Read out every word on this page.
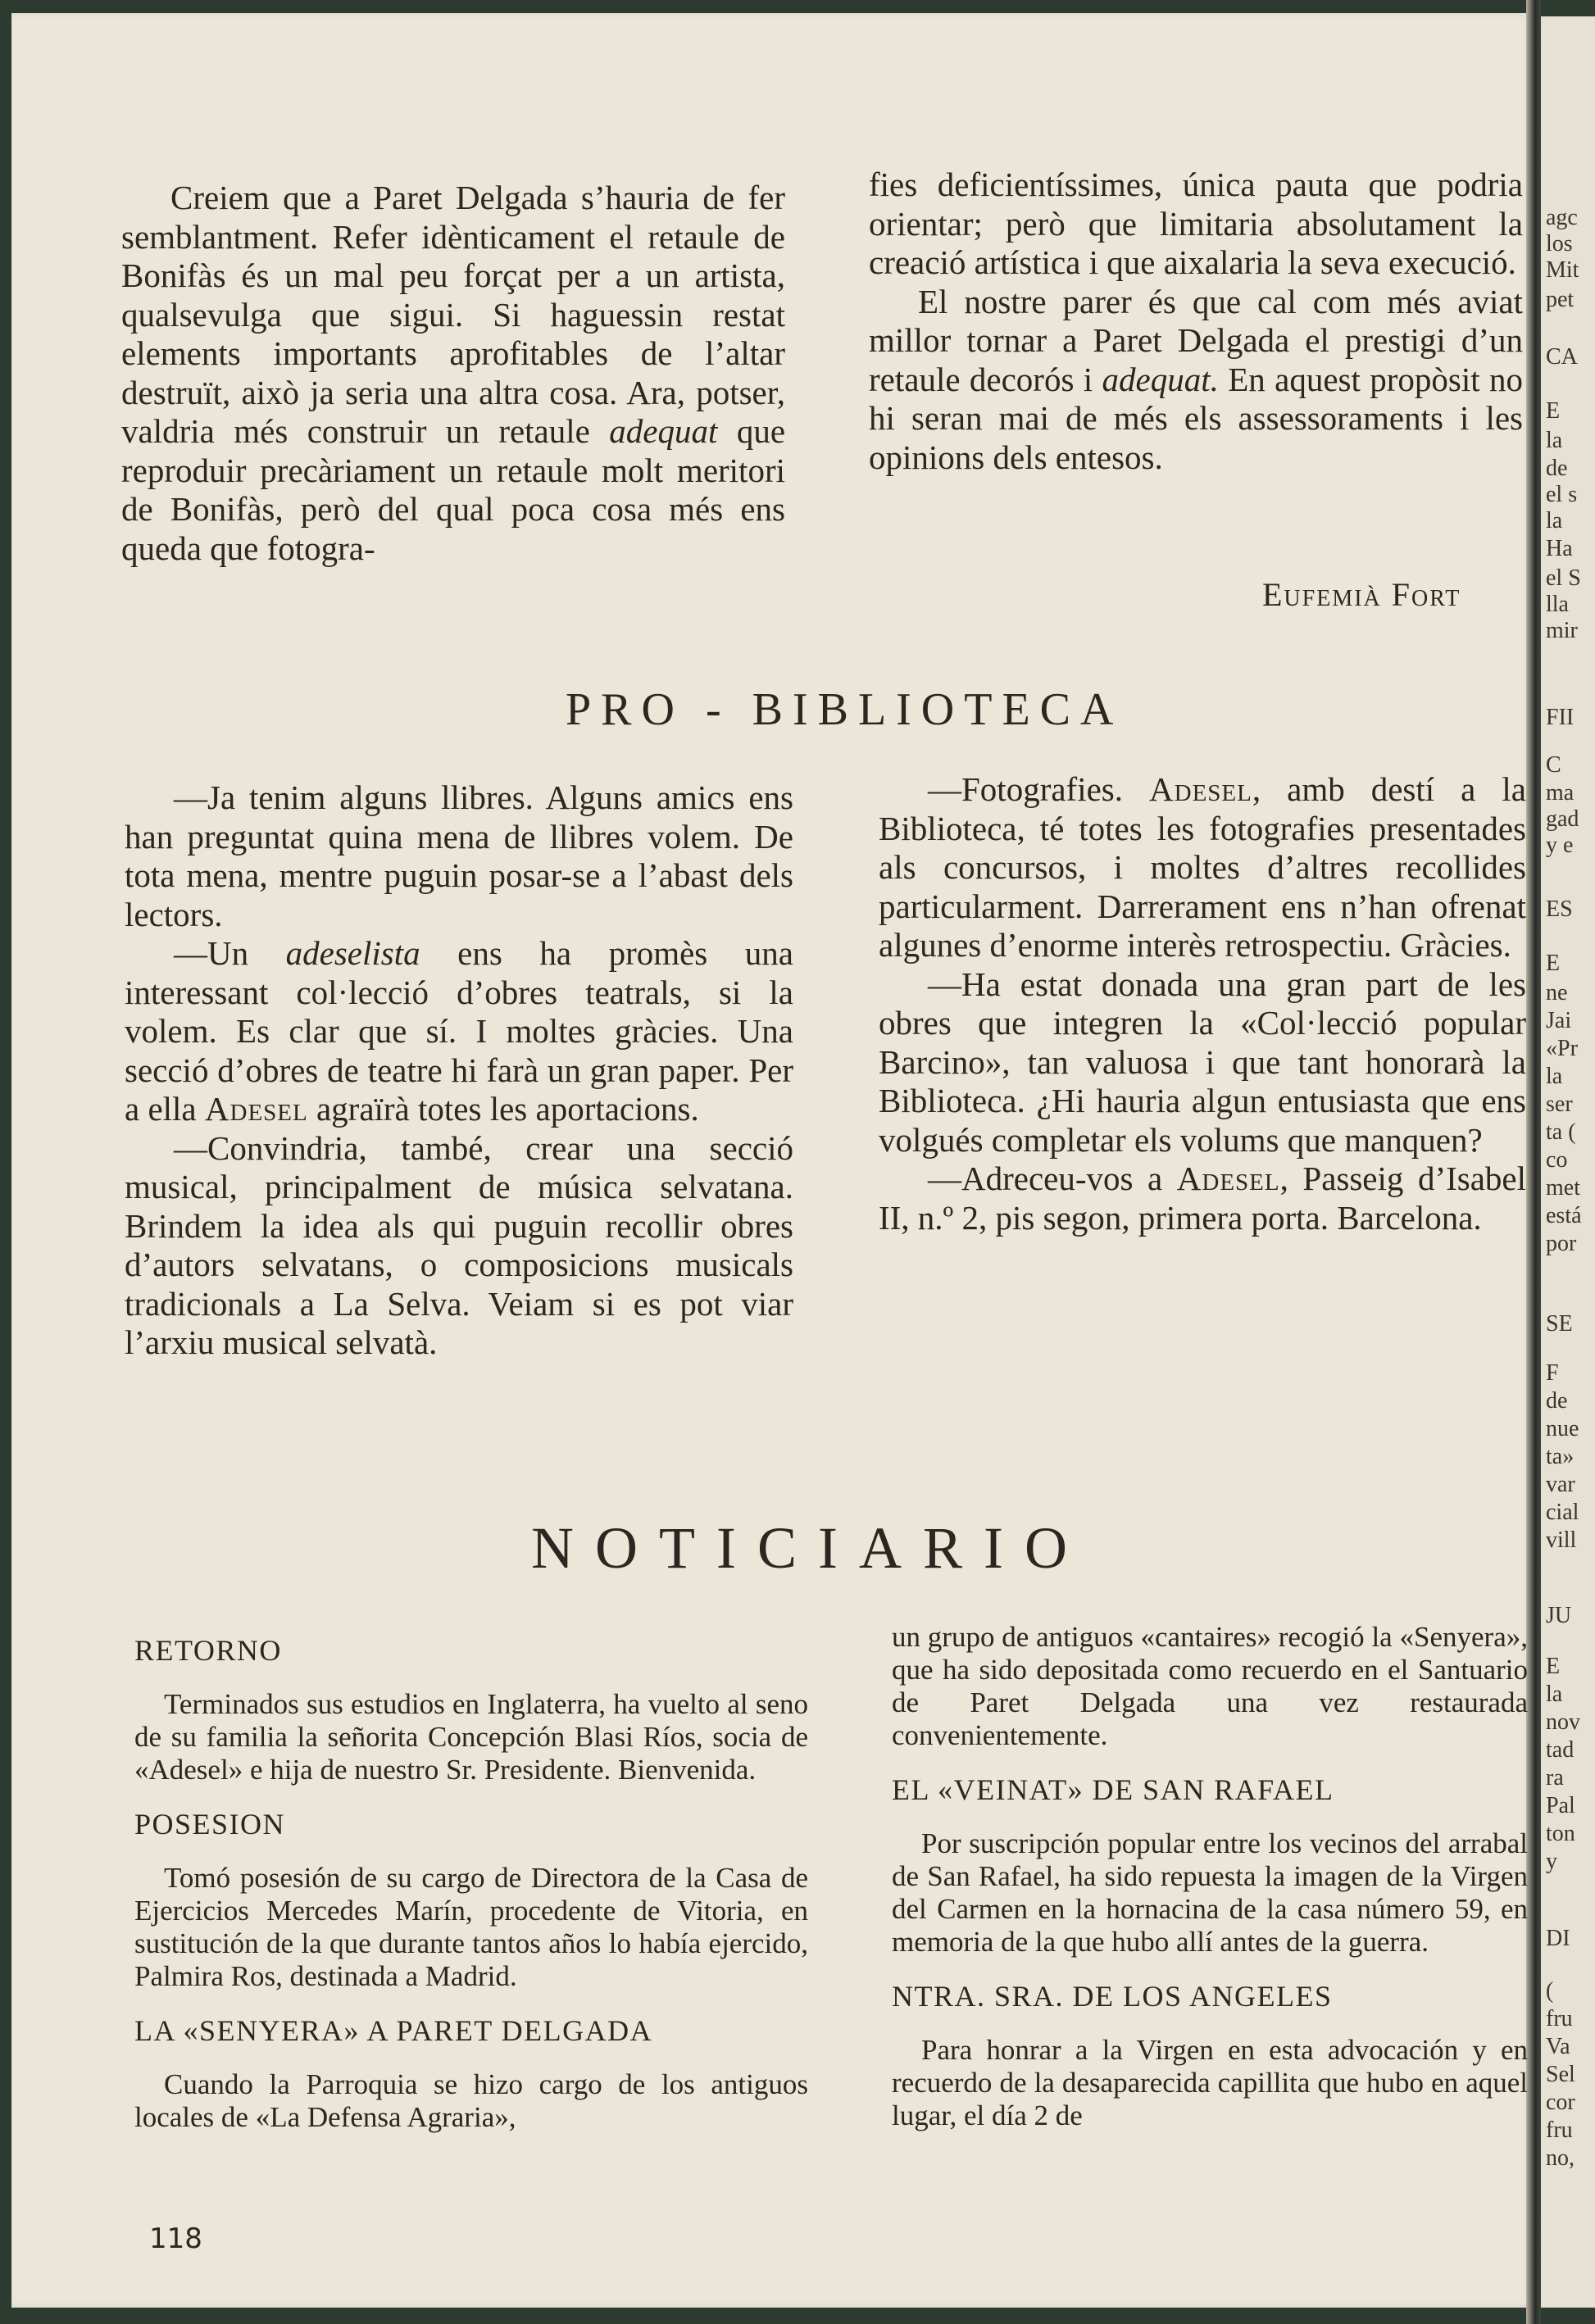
agc
los
Mit
pet
CA
E
la
de
el s
la
Ha
el S
lla
mir
FII
C
ma
gad
y e
ES
E
ne
Jai
«Pr
la
ser
ta (
co
met
está
por
SE
F
de
nue
ta»
var
cial
vill
JU
E
la
nov
tad
ra
Pal
ton
y
DI
(
fru
Va
Sel
cor
fru
no,

Creiem que a Paret Delgada s’hauria de fer semblantment. Refer idènticament el retaule de Bonifàs és un mal peu forçat per a un artista, qualsevulga que sigui. Si haguessin restat elements importants aprofitables de l’altar destruït, això ja seria una altra cosa. Ara, potser, valdria més construir un retaule adequat que reproduir precàriament un retaule molt meritori de Bonifàs, però del qual poca cosa més ens queda que fotogra-

fies deficientíssimes, única pauta que podria orientar; però que limitaria absolutament la creació artística i que aixalaria la seva execució.

El nostre parer és que cal com més aviat millor tornar a Paret Delgada el prestigi d’un retaule decorós i adequat. En aquest propòsit no hi seran mai de més els assessoraments i les opinions dels entesos.

Eufemià Fort
PRO - BIBLIOTECA

—Ja tenim alguns llibres. Alguns amics ens han preguntat quina mena de llibres volem. De tota mena, mentre puguin posar-se a l’abast dels lectors.

—Un adeselista ens ha promès una interessant col·lecció d’obres teatrals, si la volem. Es clar que sí. I moltes gràcies. Una secció d’obres de teatre hi farà un gran paper. Per a ella Adesel agraïrà totes les aportacions.

—Convindria, també, crear una secció musical, principalment de música selvatana. Brindem la idea als qui puguin recollir obres d’autors selvatans, o composicions musicals tradicionals a La Selva. Veiam si es pot viar l’arxiu musical selvatà.

—Fotografies. Adesel, amb destí a la Biblioteca, té totes les fotografies presentades als concursos, i moltes d’altres recollides particularment. Darrerament ens n’han ofrenat algunes d’enorme interès retrospectiu. Gràcies.

—Ha estat donada una gran part de les obres que integren la «Col·lecció popular Barcino», tan valuosa i que tant honorarà la Biblioteca. ¿Hi hauria algun entusiasta que ens volgués completar els volums que manquen?

—Adreceu-vos a Adesel, Passeig d’Isabel II, n.º 2, pis segon, primera porta. Barcelona.

NOTICIARIO

RETORNO

Terminados sus estudios en Inglaterra, ha vuelto al seno de su familia la señorita Concepción Blasi Ríos, socia de «Adesel» e hija de nuestro Sr. Presidente. Bienvenida.

POSESION

Tomó posesión de su cargo de Directora de la Casa de Ejercicios Mercedes Marín, procedente de Vitoria, en sustitución de la que durante tantos años lo había ejercido, Palmira Ros, destinada a Madrid.

LA «SENYERA» A PARET DELGADA

Cuando la Parroquia se hizo cargo de los antiguos locales de «La Defensa Agraria»,

un grupo de antiguos «cantaires» recogió la «Senyera», que ha sido depositada como recuerdo en el Santuario de Paret Delgada una vez restaurada convenientemente.

EL «VEINAT» DE SAN RAFAEL

Por suscripción popular entre los vecinos del arrabal de San Rafael, ha sido repuesta la imagen de la Virgen del Carmen en la hornacina de la casa número 59, en memoria de la que hubo allí antes de la guerra.

NTRA. SRA. DE LOS ANGELES

Para honrar a la Virgen en esta advocación y en recuerdo de la desaparecida capillita que hubo en aquel lugar, el día 2 de

118
